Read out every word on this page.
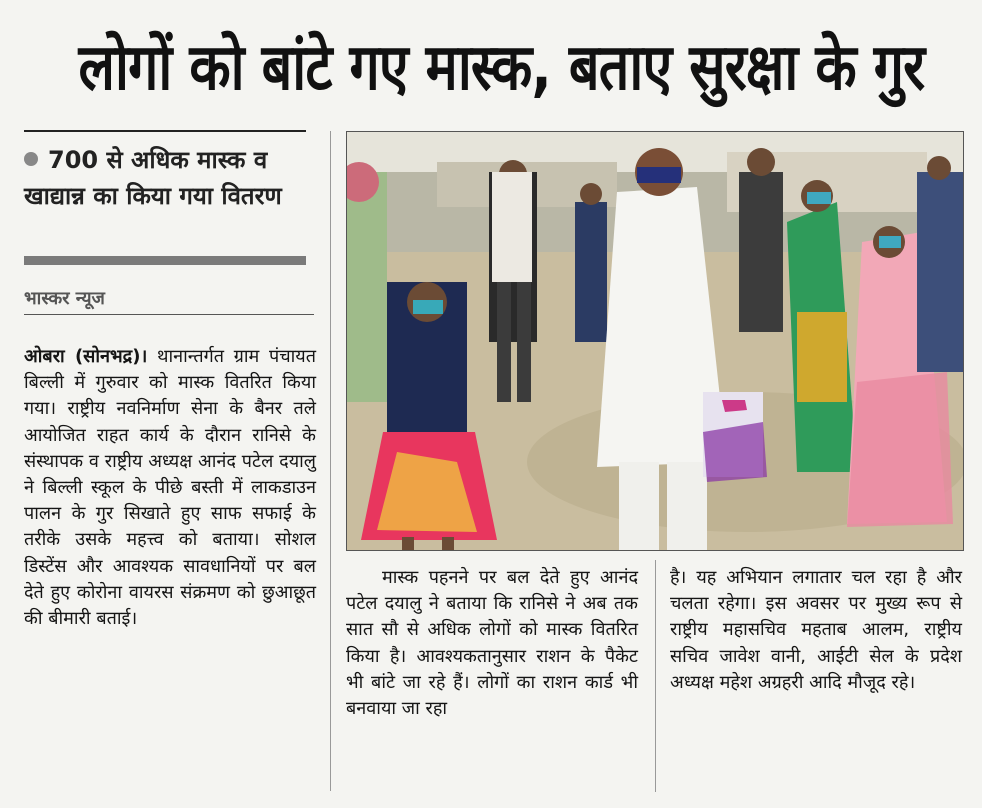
लोगों को बांटे गए मास्क, बताए सुरक्षा के गुर
700 से अधिक मास्क व खाद्यान्न का किया गया वितरण
भास्कर न्यूज

ओबरा (सोनभद्र)। थानान्तर्गत ग्राम पंचायत बिल्ली में गुरुवार को मास्क वितरित किया गया। राष्ट्रीय नवनिर्माण सेना के बैनर तले आयोजित राहत कार्य के दौरान रानिसे के संस्थापक व राष्ट्रीय अध्यक्ष आनंद पटेल दयालु ने बिल्ली स्कूल के पीछे बस्ती में लाकडाउन पालन के गुर सिखाते हुए साफ सफाई के तरीके उसके महत्त्व को बताया। सोशल डिस्टेंस और आवश्यक सावधानियों पर बल देते हुए कोरोना वायरस संक्रमण को छुआछूत की बीमारी बताई।

मास्क पहनने पर बल देते हुए आनंद पटेल दयालु ने बताया कि रानिसे ने अब तक सात सौ से अधिक लोगों को मास्क वितरित किया है। आवश्यकतानुसार राशन के पैकेट भी बांटे जा रहे हैं। लोगों का राशन कार्ड भी बनवाया जा रहा

है। यह अभियान लगातार चल रहा है और चलता रहेगा। इस अवसर पर मुख्य रूप से राष्ट्रीय महासचिव महताब आलम, राष्ट्रीय सचिव जावेश वानी, आईटी सेल के प्रदेश अध्यक्ष महेश अग्रहरी आदि मौजूद रहे।
